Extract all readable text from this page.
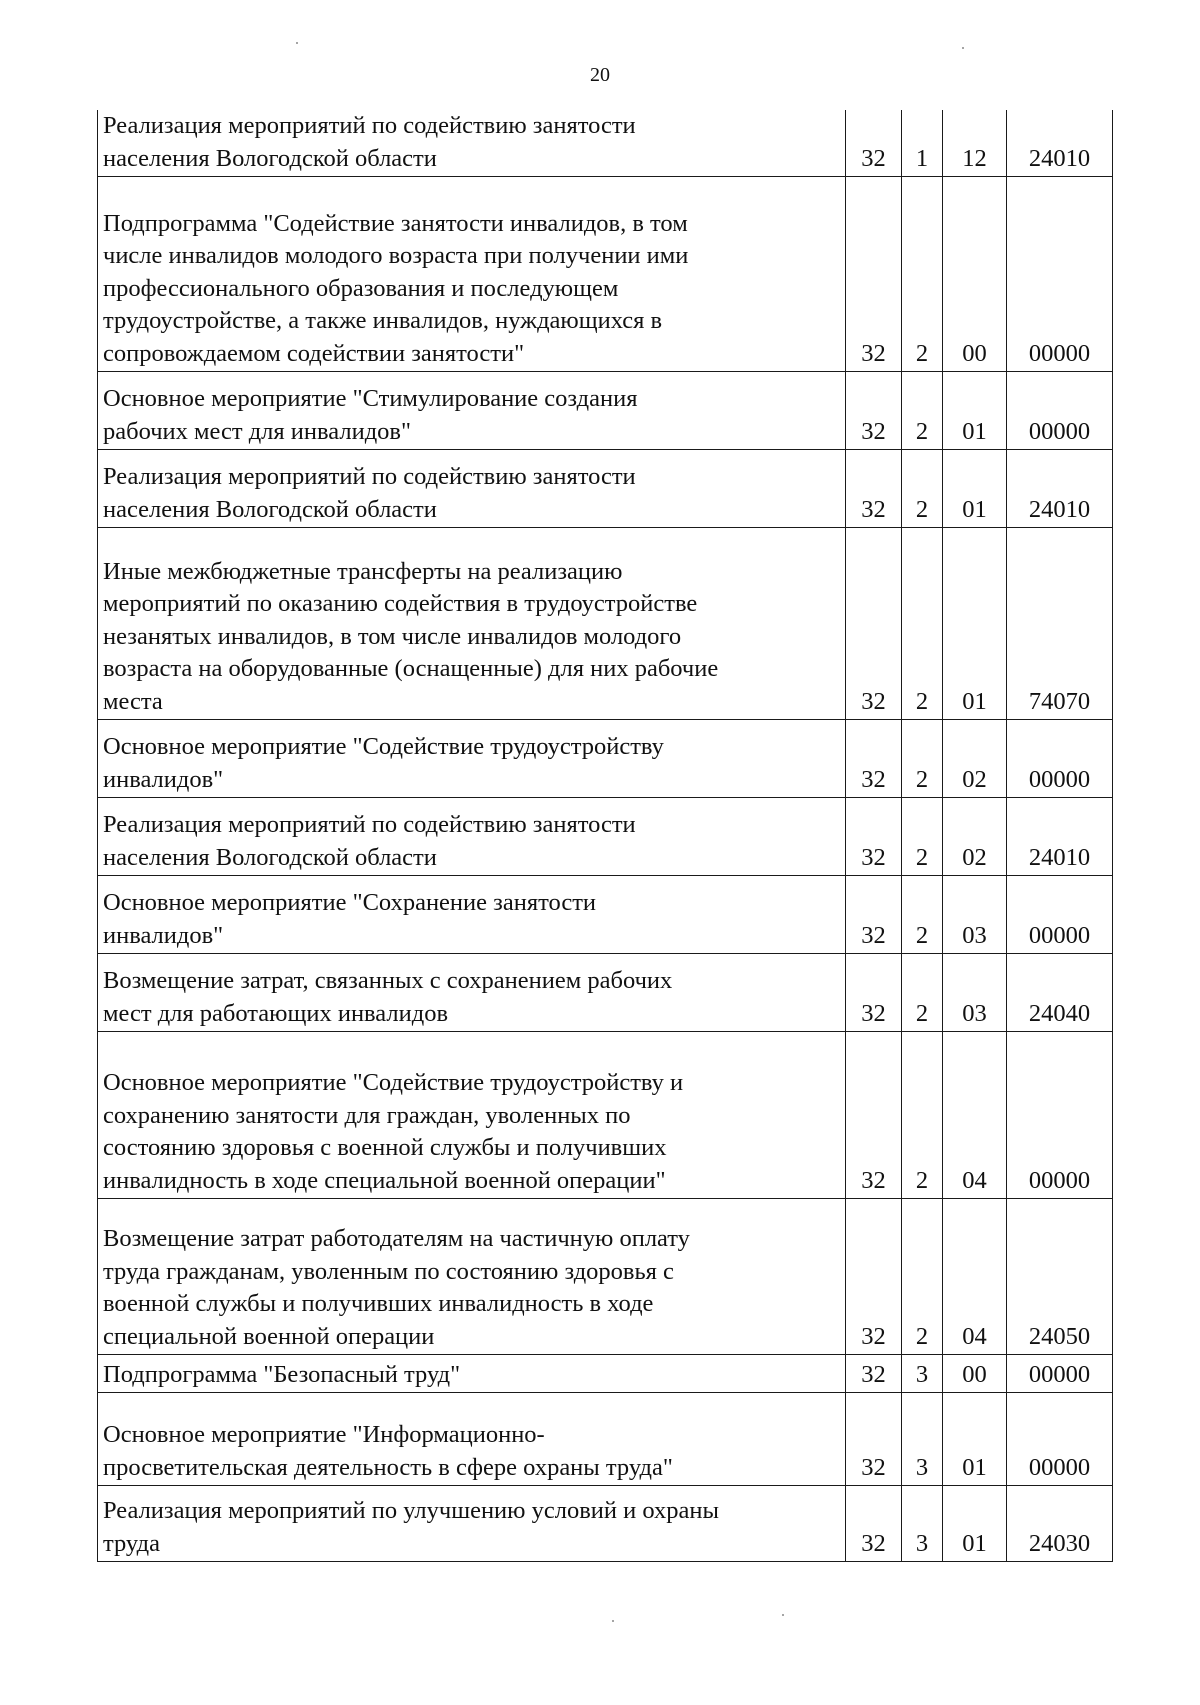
20
Реализация мероприятий по содействию занятости
населения Вологодской области	32	1	12	24010
Подпрограмма "Содействие занятости инвалидов, в том
числе инвалидов молодого возраста при получении ими
профессионального образования и последующем
трудоустройстве, а также инвалидов, нуждающихся в
сопровождаемом содействии занятости"	32	2	00	00000
Основное мероприятие "Стимулирование создания
рабочих мест для инвалидов"	32	2	01	00000
Реализация мероприятий по содействию занятости
населения Вологодской области	32	2	01	24010
Иные межбюджетные трансферты на реализацию
мероприятий по оказанию содействия в трудоустройстве
незанятых инвалидов, в том числе инвалидов молодого
возраста на оборудованные (оснащенные) для них рабочие
места	32	2	01	74070
Основное мероприятие "Содействие трудоустройству
инвалидов"	32	2	02	00000
Реализация мероприятий по содействию занятости
населения Вологодской области	32	2	02	24010
Основное мероприятие "Сохранение занятости
инвалидов"	32	2	03	00000
Возмещение затрат, связанных с сохранением рабочих
мест для работающих инвалидов	32	2	03	24040
Основное мероприятие "Содействие трудоустройству и
сохранению занятости для граждан, уволенных по
состоянию здоровья с военной службы и получивших
инвалидность в ходе специальной военной операции"	32	2	04	00000
Возмещение затрат работодателям на частичную оплату
труда гражданам, уволенным по состоянию здоровья с
военной службы и получивших инвалидность в ходе
специальной военной операции	32	2	04	24050
Подпрограмма "Безопасный труд"	32	3	00	00000
Основное мероприятие "Информационно-
просветительская деятельность в сфере охраны труда"	32	3	01	00000
Реализация мероприятий по улучшению условий и охраны
труда	32	3	01	24030
